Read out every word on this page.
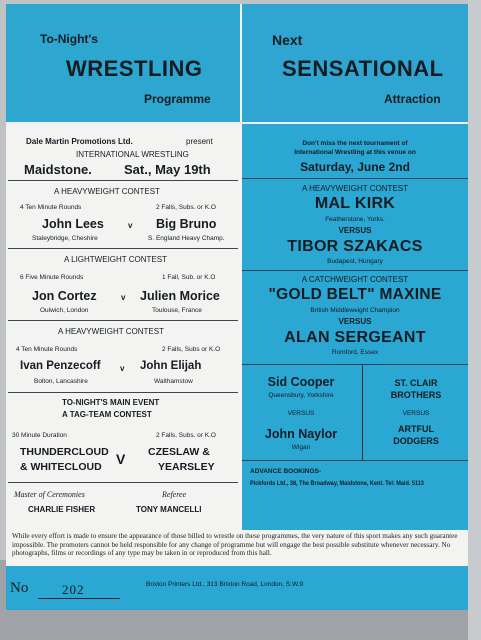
To-Night's
WRESTLING
Programme
Next
SENSATIONAL
Attraction
Dale Martin Promotions Ltd.	present
INTERNATIONAL WRESTLING
Maidstone. Sat., May 19th
A HEAVYWEIGHT CONTEST
4 Ten Minute Rounds	2 Falls, Subs. or K.O
John Lees	v Big Bruno
Staleybridge, Cheshire	S. England Heavy Champ.
A LIGHTWEIGHT CONTEST
6 Five Minute Rounds	1 Fall, Sub. or K.O
Jon Cortez	v Julien Morice
Oulwich, London	Toulouse, France
A HEAVYWEIGHT CONTEST
4 Ten Minute Rounds	2 Falls, Subs or K.O
Ivan Penzecoff v John Elijah
Bolton, Lancashire	Walthamstow
TO-NIGHT'S MAIN EVENT
A TAG-TEAM CONTEST
30 Minute Duration	2 Falls, Subs. or K.O
THUNDERCLOUD
& WHITECLOUD V CZESLAW &
YEARSLEY
Master of Ceremonies
CHARLIE FISHER
Referee
TONY MANCELLI
Don't miss the next tournament of
International Wrestling at this venue on
Saturday, June 2nd
A HEAVYWEIGHT CONTEST
MAL KIRK
Featherstone, Yorks.
VERSUS
TIBOR SZAKACS
Budapest, Hungary
A CATCHWEIGHT CONTEST
"GOLD BELT" MAXINE
British Middleweight Champion
VERSUS
ALAN SERGEANT
Romford, Essex
Sid Cooper
Queensbury, Yorkshire
VERSUS
John Naylor
Wigan
ST. CLAIR
BROTHERS
VERSUS
ARTFUL
DODGERS
ADVANCE BOOKINGS-
Pickfords Ltd., 38, The Broadway, Maidstone, Kent. Tel: Maid. 5113
While every effort is made to ensure the appearance of those billed to wrestle on these programmes, the very nature of this sport makes any such guarantee impossible. The promoters cannot be held responsible for any change of programme but will engage the best possible substitute whenever necessary. No photographs, films or recordings of any type may be taken in or reproduced from this hall.
No	202	Brixton Printers Ltd., 313 Brixton Road, London, S.W.9
